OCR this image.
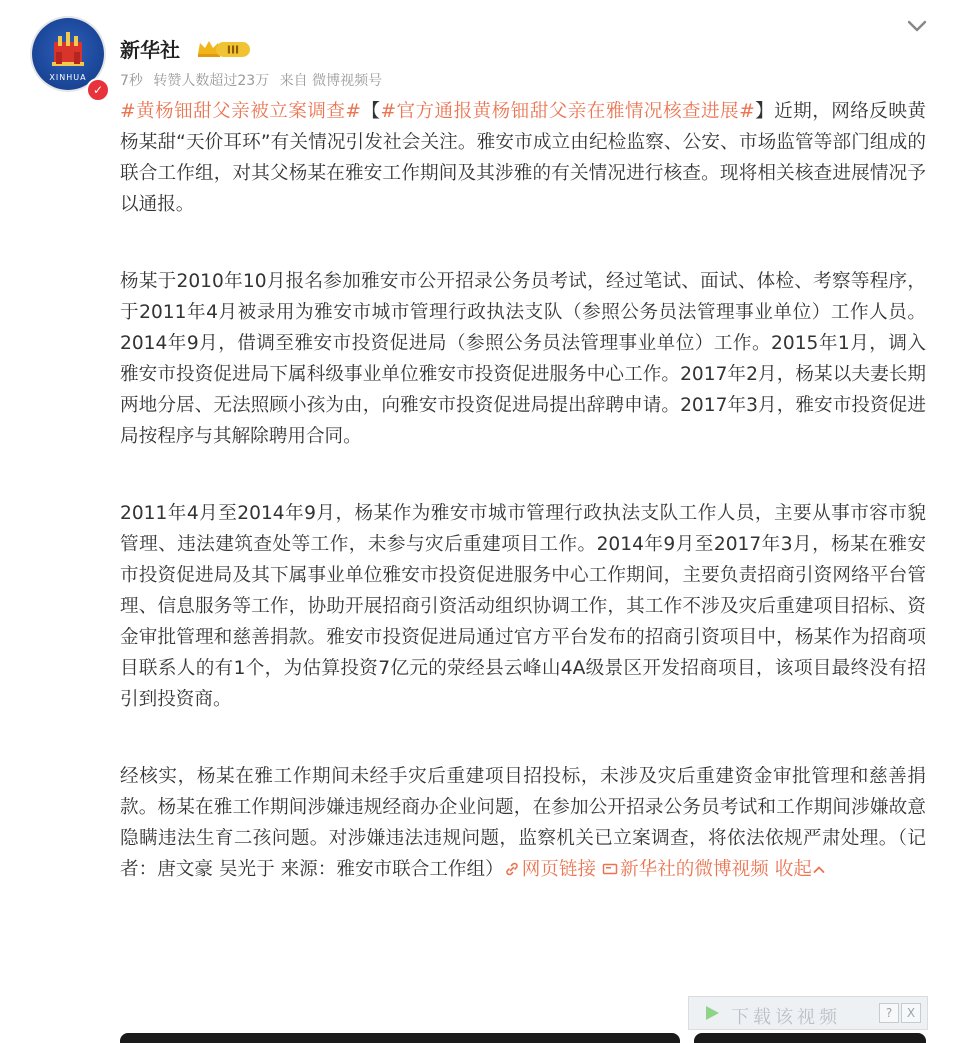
XINHUA
✓
新华社	III
7秒 转赞人数超过23万 来自 微博视频号

#黄杨钿甜父亲被立案调查#【#官方通报黄杨钿甜父亲在雅情况核查进展#】近期，网络反映黄杨某甜“天价耳环”有关情况引发社会关注。雅安市成立由纪检监察、公安、市场监管等部门组成的联合工作组，对其父杨某在雅安工作期间及其涉雅的有关情况进行核查。现将相关核查进展情况予以通报。

杨某于2010年10月报名参加雅安市公开招录公务员考试，经过笔试、面试、体检、考察等程序，于2011年4月被录用为雅安市城市管理行政执法支队（参照公务员法管理事业单位）工作人员。2014年9月，借调至雅安市投资促进局（参照公务员法管理事业单位）工作。2015年1月，调入雅安市投资促进局下属科级事业单位雅安市投资促进服务中心工作。2017年2月，杨某以夫妻长期两地分居、无法照顾小孩为由，向雅安市投资促进局提出辞聘申请。2017年3月，雅安市投资促进局按程序与其解除聘用合同。

2011年4月至2014年9月，杨某作为雅安市城市管理行政执法支队工作人员，主要从事市容市貌管理、违法建筑查处等工作，未参与灾后重建项目工作。2014年9月至2017年3月，杨某在雅安市投资促进局及其下属事业单位雅安市投资促进服务中心工作期间，主要负责招商引资网络平台管理、信息服务等工作，协助开展招商引资活动组织协调工作，其工作不涉及灾后重建项目招标、资金审批管理和慈善捐款。雅安市投资促进局通过官方平台发布的招商引资项目中，杨某作为招商项目联系人的有1个，为估算投资7亿元的荥经县云峰山4A级景区开发招商项目，该项目最终没有招引到投资商。

经核实，杨某在雅工作期间未经手灾后重建项目招投标，未涉及灾后重建资金审批管理和慈善捐款。杨某在雅工作期间涉嫌违规经商办企业问题，在参加公开招录公务员考试和工作期间涉嫌故意隐瞒违法生育二孩问题。对涉嫌违法违规问题，监察机关已立案调查，将依法依规严肃处理。（记者：唐文豪 吴光于 来源：雅安市联合工作组） 网页链接 新华社的微博视频 收起

下载该视频	?	X
